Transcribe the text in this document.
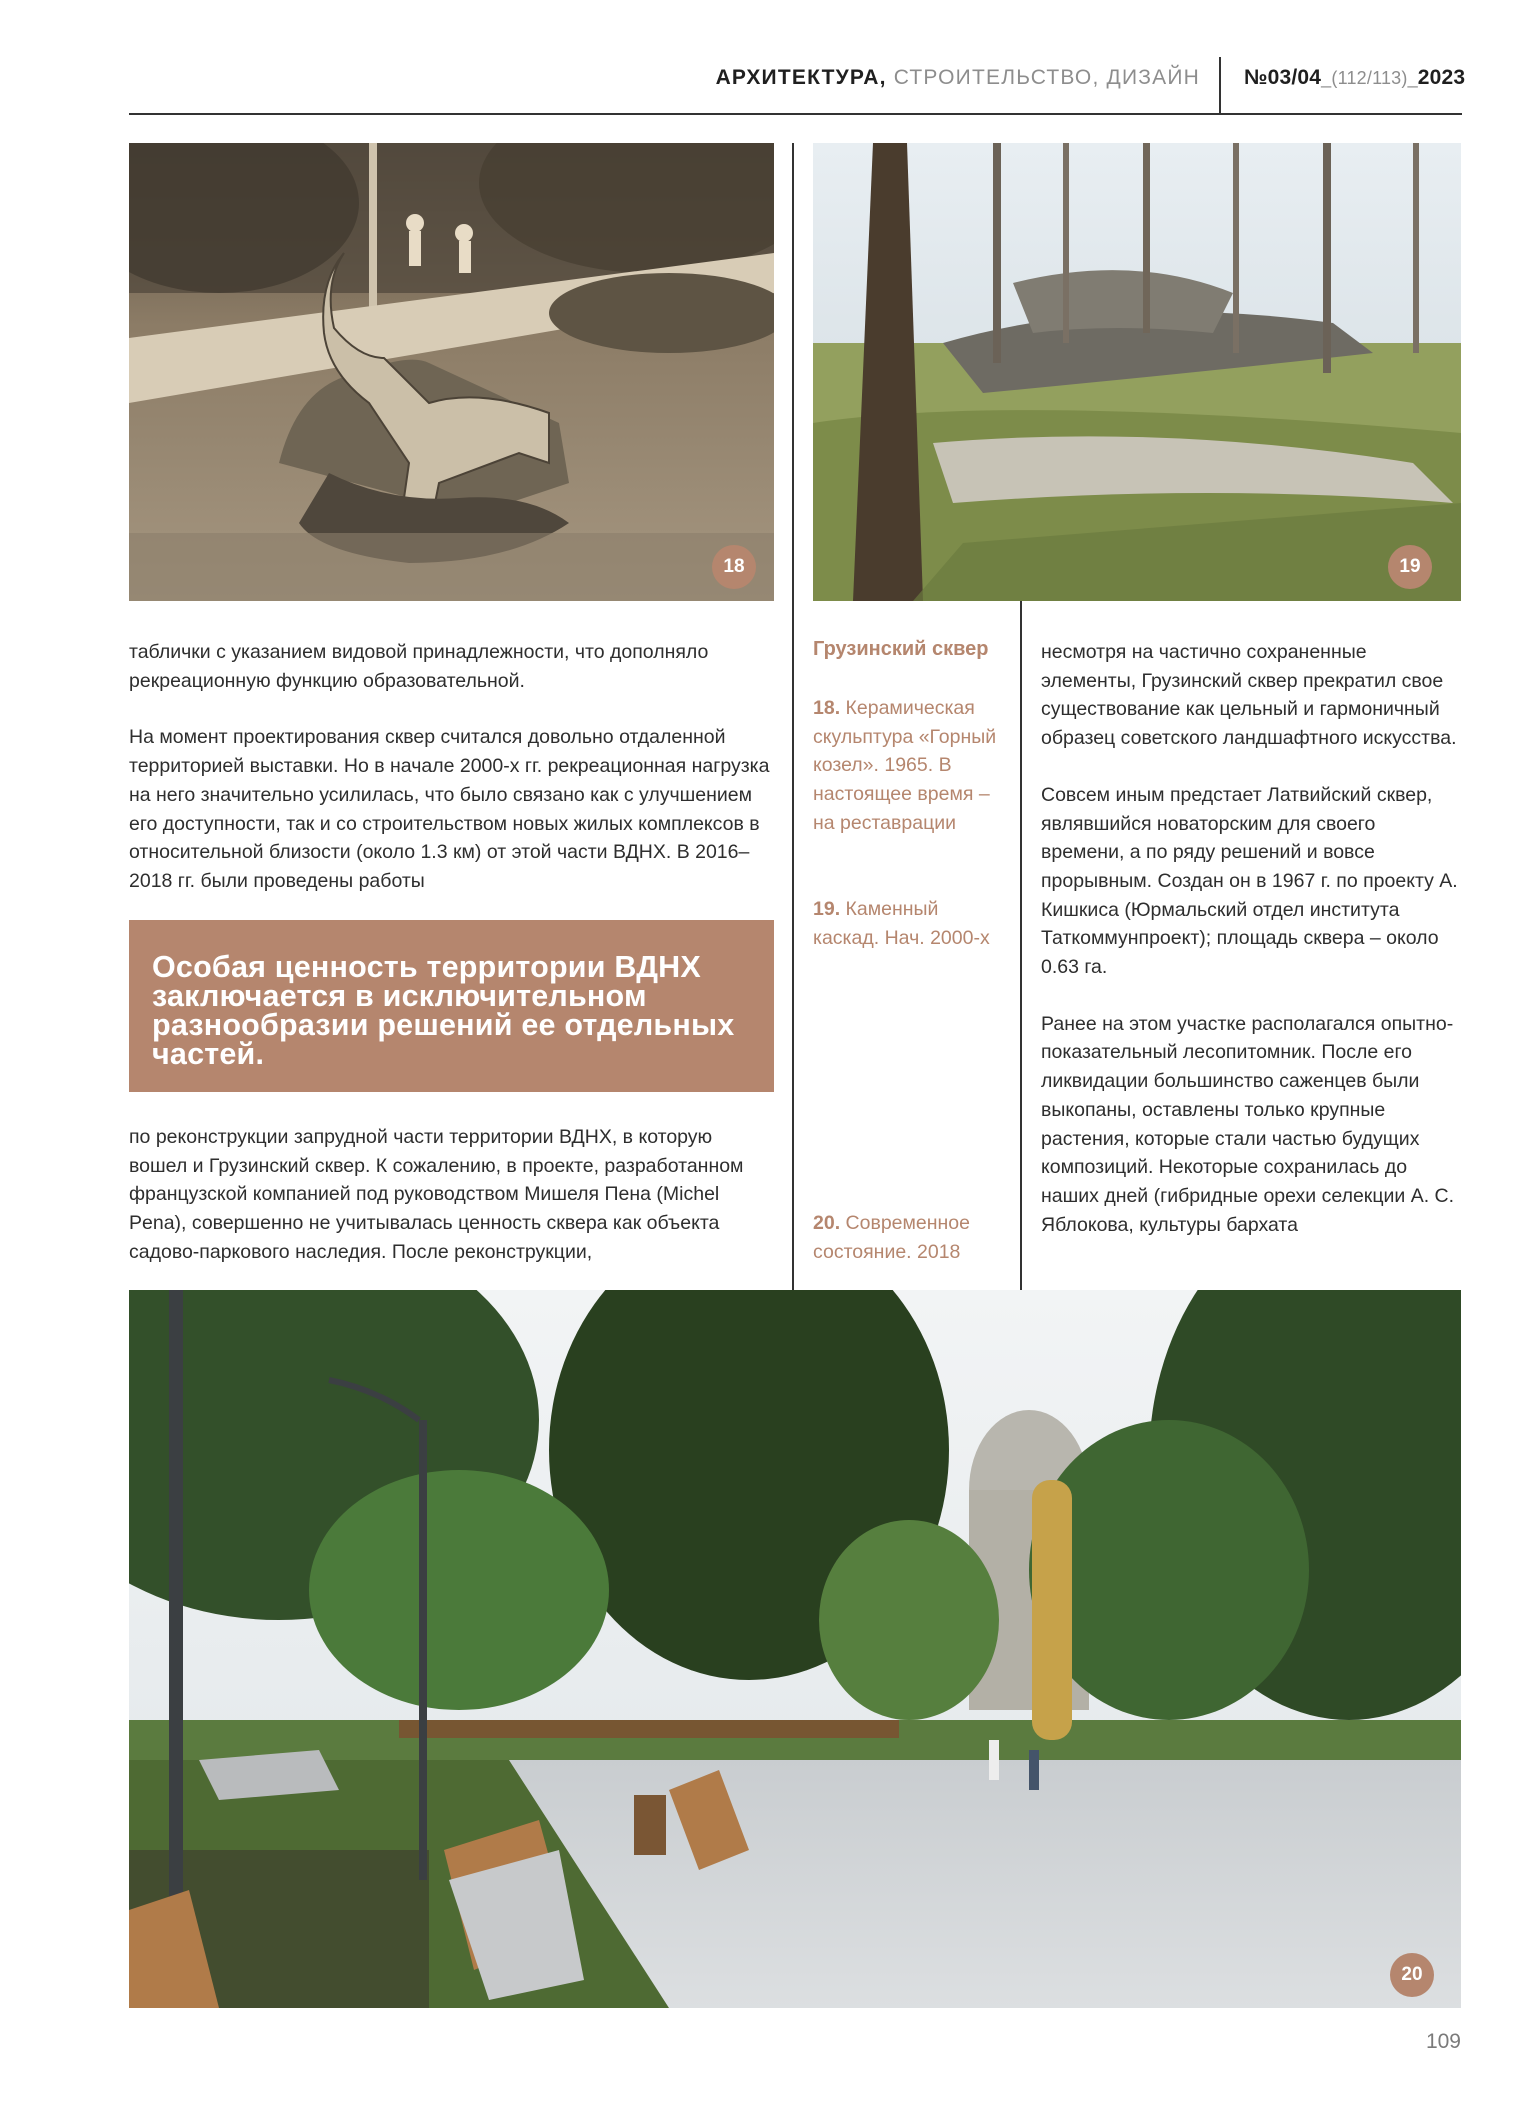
АРХИТЕКТУРА, СТРОИТЕЛЬСТВО, ДИЗАЙН №03/04_(112/113)_2023
18	19

таблички с указанием видовой принадлежности, что дополняло рекреационную функцию образовательной.

На момент проектирования сквер считался довольно отдаленной территорией выставки. Но в начале 2000-х гг. рекреационная нагрузка на него значительно усилилась, что было связано как с улучшением его доступности, так и со строительством новых жилых комплексов в относительной близости (около 1.3 км) от этой части ВДНХ. В 2016–2018 гг. были проведены работы

Особая ценность территории ВДНХ
заключается в исключительном
разнообразии решений ее отдельных
частей.

по реконструкции запрудной части территории ВДНХ, в которую вошел и Грузинский сквер. К сожалению, в проекте, разработанном французской компанией под руководством Мишеля Пена (Michel Pena), совершенно не учитывалась ценность сквера как объекта садово-паркового наследия. После реконструкции,

Грузинский сквер
18. Керамическая скульптура «Горный козел». 1965. В настоящее время – на реставрации
19. Каменный каскад. Нач. 2000-х
20. Современное состояние. 2018

несмотря на частично сохраненные элементы, Грузинский сквер прекратил свое существование как цельный и гармоничный образец советского ландшафтного искусства.

Совсем иным предстает Латвийский сквер, являвшийся новаторским для своего времени, а по ряду решений и вовсе прорывным. Создан он в 1967 г. по проекту А. Кишкиса (Юрмальский отдел института Таткоммунпроект); площадь сквера – около 0.63 га.

Ранее на этом участке располагался опытно-показательный лесопитомник. После его ликвидации большинство саженцев были выкопаны, оставлены только крупные растения, которые стали частью будущих композиций. Некоторые сохранилась до наших дней (гибридные орехи селекции А. С. Яблокова, культуры бархата

20
109
